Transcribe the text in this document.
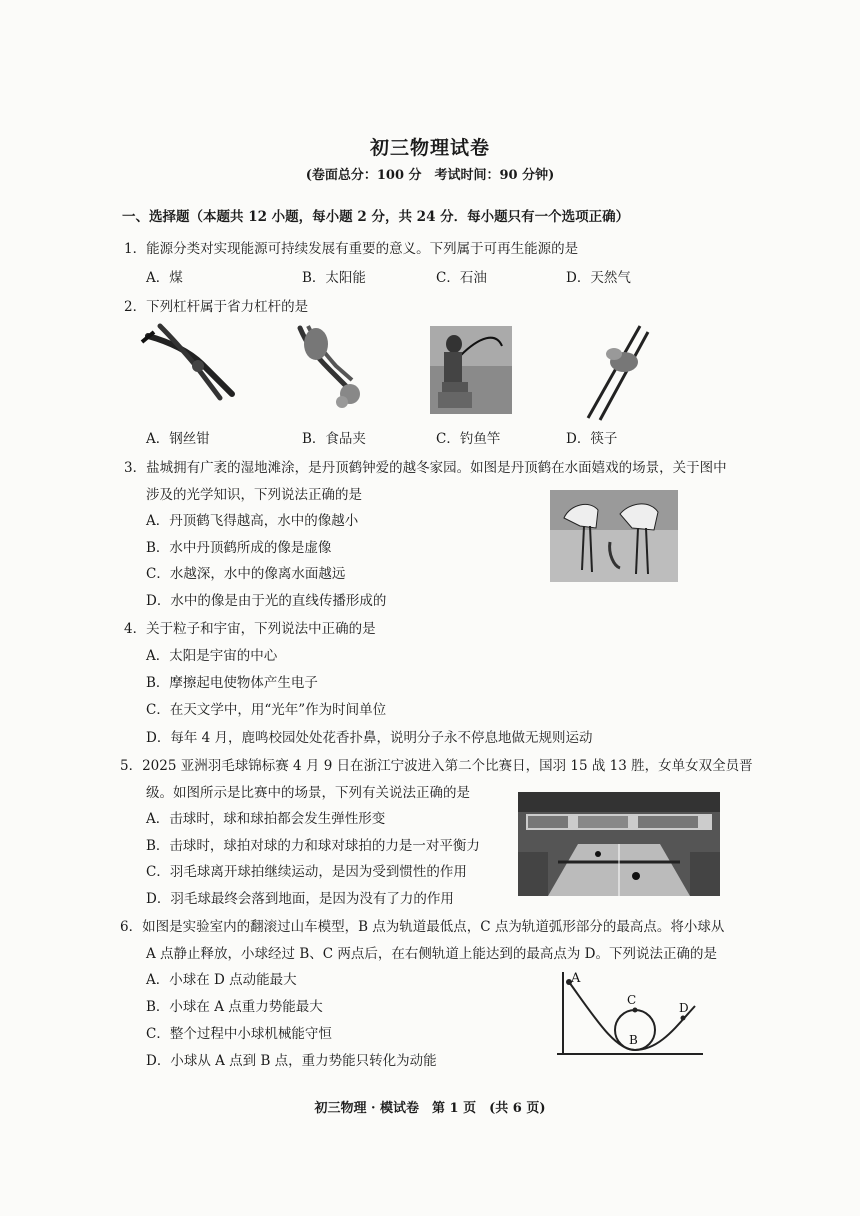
初三物理试卷
(卷面总分：100 分　考试时间：90 分钟)
一、选择题（本题共 12 小题，每小题 2 分，共 24 分．每小题只有一个选项正确）
1．能源分类对实现能源可持续发展有重要的意义。下列属于可再生能源的是
A．煤	B．太阳能	C．石油	D．天然气
2．下列杠杆属于省力杠杆的是
A．钢丝钳	B．食品夹	C．钓鱼竿	D．筷子
3．盐城拥有广袤的湿地滩涂，是丹顶鹤钟爱的越冬家园。如图是丹顶鹤在水面嬉戏的场景，关于图中
涉及的光学知识，下列说法正确的是
A．丹顶鹤飞得越高，水中的像越小
B．水中丹顶鹤所成的像是虚像
C．水越深，水中的像离水面越远
D．水中的像是由于光的直线传播形成的
4．关于粒子和宇宙，下列说法中正确的是
A．太阳是宇宙的中心
B．摩擦起电使物体产生电子
C．在天文学中，用“光年”作为时间单位
D．每年 4 月，鹿鸣校园处处花香扑鼻，说明分子永不停息地做无规则运动
5．2025 亚洲羽毛球锦标赛 4 月 9 日在浙江宁波进入第二个比赛日，国羽 15 战 13 胜，女单女双全员晋
级。如图所示是比赛中的场景，下列有关说法正确的是
A．击球时，球和球拍都会发生弹性形变
B．击球时，球拍对球的力和球对球拍的力是一对平衡力
C．羽毛球离开球拍继续运动，是因为受到惯性的作用
D．羽毛球最终会落到地面，是因为没有了力的作用
6．如图是实验室内的翻滚过山车模型，B 点为轨道最低点，C 点为轨道弧形部分的最高点。将小球从
A 点静止释放，小球经过 B、C 两点后，在右侧轨道上能达到的最高点为 D。下列说法正确的是
A．小球在 D 点动能最大
B．小球在 A 点重力势能最大
C．整个过程中小球机械能守恒
D．小球从 A 点到 B 点，重力势能只转化为动能
A
B
C
D
初三物理 · 模试卷　第 1 页　(共 6 页)
